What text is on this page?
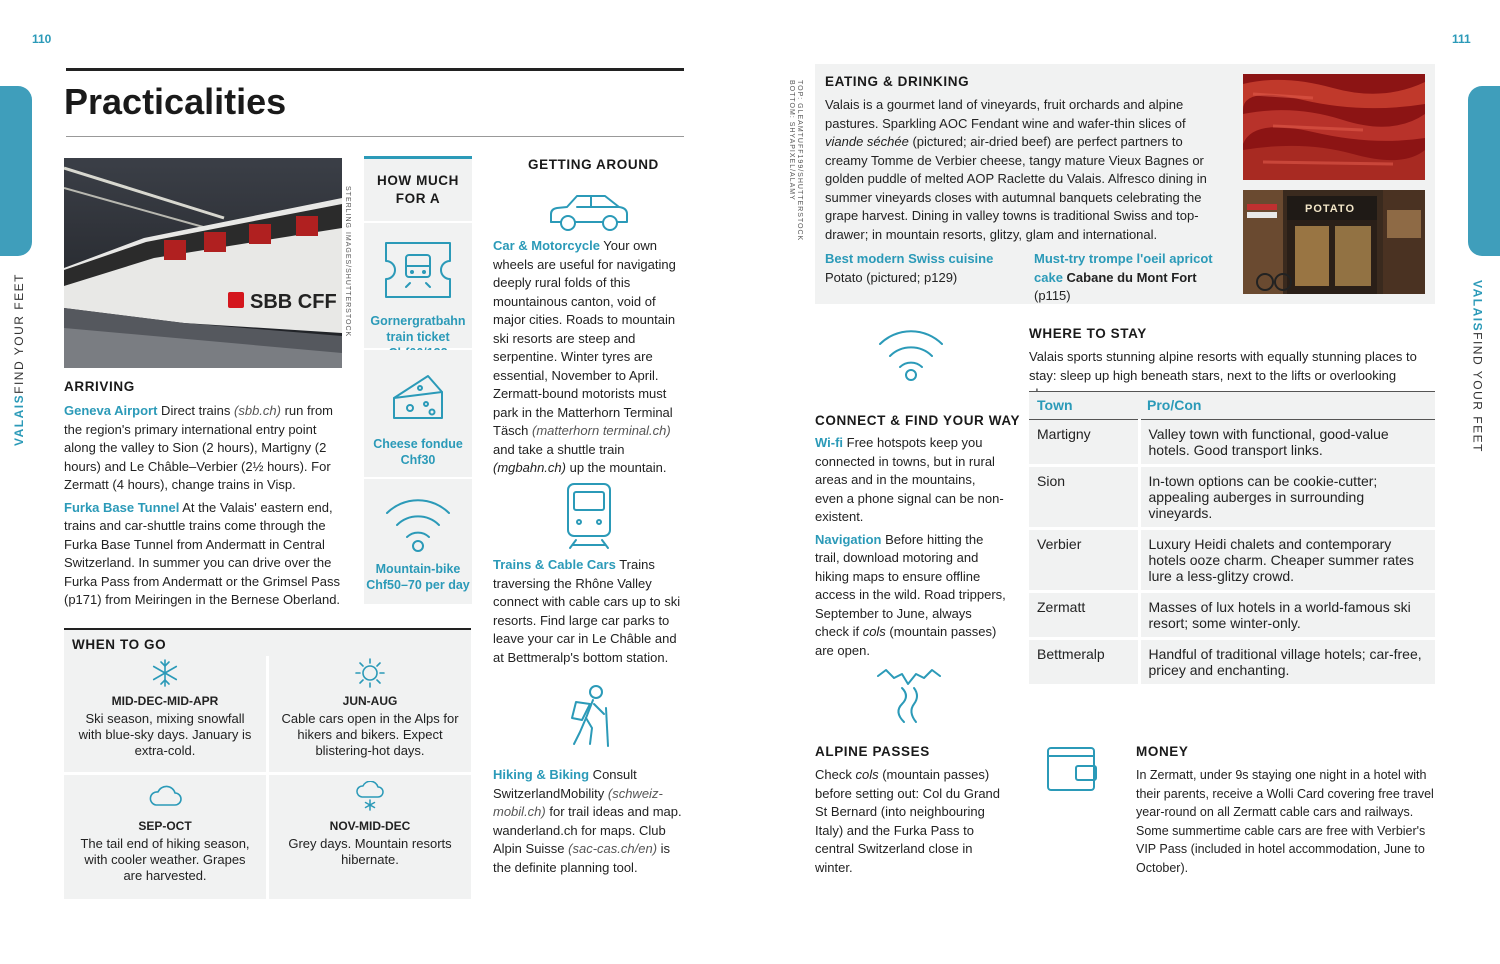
110	111
VALAISFIND YOUR FEET	VALAISFIND YOUR FEET
Practicalities
SBB CFF	STERLING IMAGES/SHUTTERSTOCK
ARRIVING

Geneva Airport Direct trains (sbb.ch) run from the region's primary international entry point along the valley to Sion (2 hours), Martigny (2 hours) and Le Châble–Verbier (2½ hours). For Zermatt (4 hours), change trains in Visp.

Furka Base Tunnel At the Valais' eastern end, trains and car-shuttle trains come through the Furka Base Tunnel from Andermatt in Central Switzerland. In summer you can drive over the Furka Pass from Andermatt or the Grimsel Pass (p171) from Meiringen in the Bernese Oberland.

HOW MUCH
FOR A
Gornergratbahn train ticket
Cheese fondue Chf30
Mountain-bike Chf50–70 per day
WHEN TO GO
MID-DEC-MID-APR
Ski season, mixing snowfall with blue-sky days. January is extra-cold.
JUN-AUG
Cable cars open in the Alps for hikers and bikers. Expect blistering-hot days.
SEP-OCT
The tail end of hiking season, with cooler weather. Grapes are harvested.
NOV-MID-DEC
Grey days. Mountain resorts hibernate.
GETTING AROUND

Car & Motorcycle Your own wheels are useful for navigating deeply rural folds of this mountainous canton, void of major cities. Roads to mountain ski resorts are steep and serpentine. Winter tyres are essential, November to April. Zermatt-bound motorists must park in the Matterhorn Terminal Täsch (matterhorn terminal.ch) and take a shuttle train (mgbahn.ch) up the mountain.

Trains & Cable Cars Trains traversing the Rhône Valley connect with cable cars up to ski resorts. Find large car parks to leave your car in Le Châble and at Bettmeralp's bottom station.

Hiking & Biking Consult SwitzerlandMobility (schweiz-mobil.ch) for trail ideas and map. wanderland.ch for maps. Club Alpin Suisse (sac-cas.ch/en) is the definite planning tool.

TOP: GLEAMTUFF199/SHUTTERSTOCK
BOTTOM: SHYAPIXEL/ALAMY	EATING & DRINKING

Valais is a gourmet land of vineyards, fruit orchards and alpine pastures. Sparkling AOC Fendant wine and wafer-thin slices of viande séchée (pictured; air-dried beef) are perfect partners to creamy Tomme de Verbier cheese, tangy mature Vieux Bagnes or golden puddle of melted AOP Raclette du Valais. Alfresco dining in summer vineyards closes with autumnal banquets celebrating the grape harvest. Dining in valley towns is traditional Swiss and top-drawer; in mountain resorts, glitzy, glam and international.

Best modern Swiss cuisine
Potato (pictured; p129)
Must-try trompe l'oeil apricot cake Cabane du Mont Fort
(p115)
POTATO
CONNECT & FIND YOUR WAY

Wi-fi Free hotspots keep you connected in towns, but in rural areas and in the mountains, even a phone signal can be non-existent.

Navigation Before hitting the trail, download motoring and hiking maps to ensure offline access in the wild. Road trippers, September to June, always check if cols (mountain passes) are open.

WHERE TO STAY
Valais sports stunning alpine resorts with equally stunning places to stay: sleep up high beneath stars, next to the lifts or overlooking
Town	Pro/Con
Martigny	Valley town with functional, good-value hotels. Good transport links.
Sion	In-town options can be cookie-cutter; appealing auberges in surrounding vineyards.
Verbier	Luxury Heidi chalets and contemporary hotels ooze charm. Cheaper summer rates lure a less-glitzy crowd.
Zermatt	Masses of lux hotels in a world-famous ski resort; some winter-only.
Bettmeralp	Handful of traditional village hotels; car-free, pricey and enchanting.
ALPINE PASSES

Check cols (mountain passes) before setting out: Col du Grand St Bernard (into neighbouring Italy) and the Furka Pass to central Switzerland close in winter.

MONEY
In Zermatt, under 9s staying one night in a hotel with their parents, receive a Wolli Card covering free travel year-round on all Zermatt cable cars and railways. Some summertime cable cars are free with Verbier's VIP Pass (included in hotel accommodation, June to October).
